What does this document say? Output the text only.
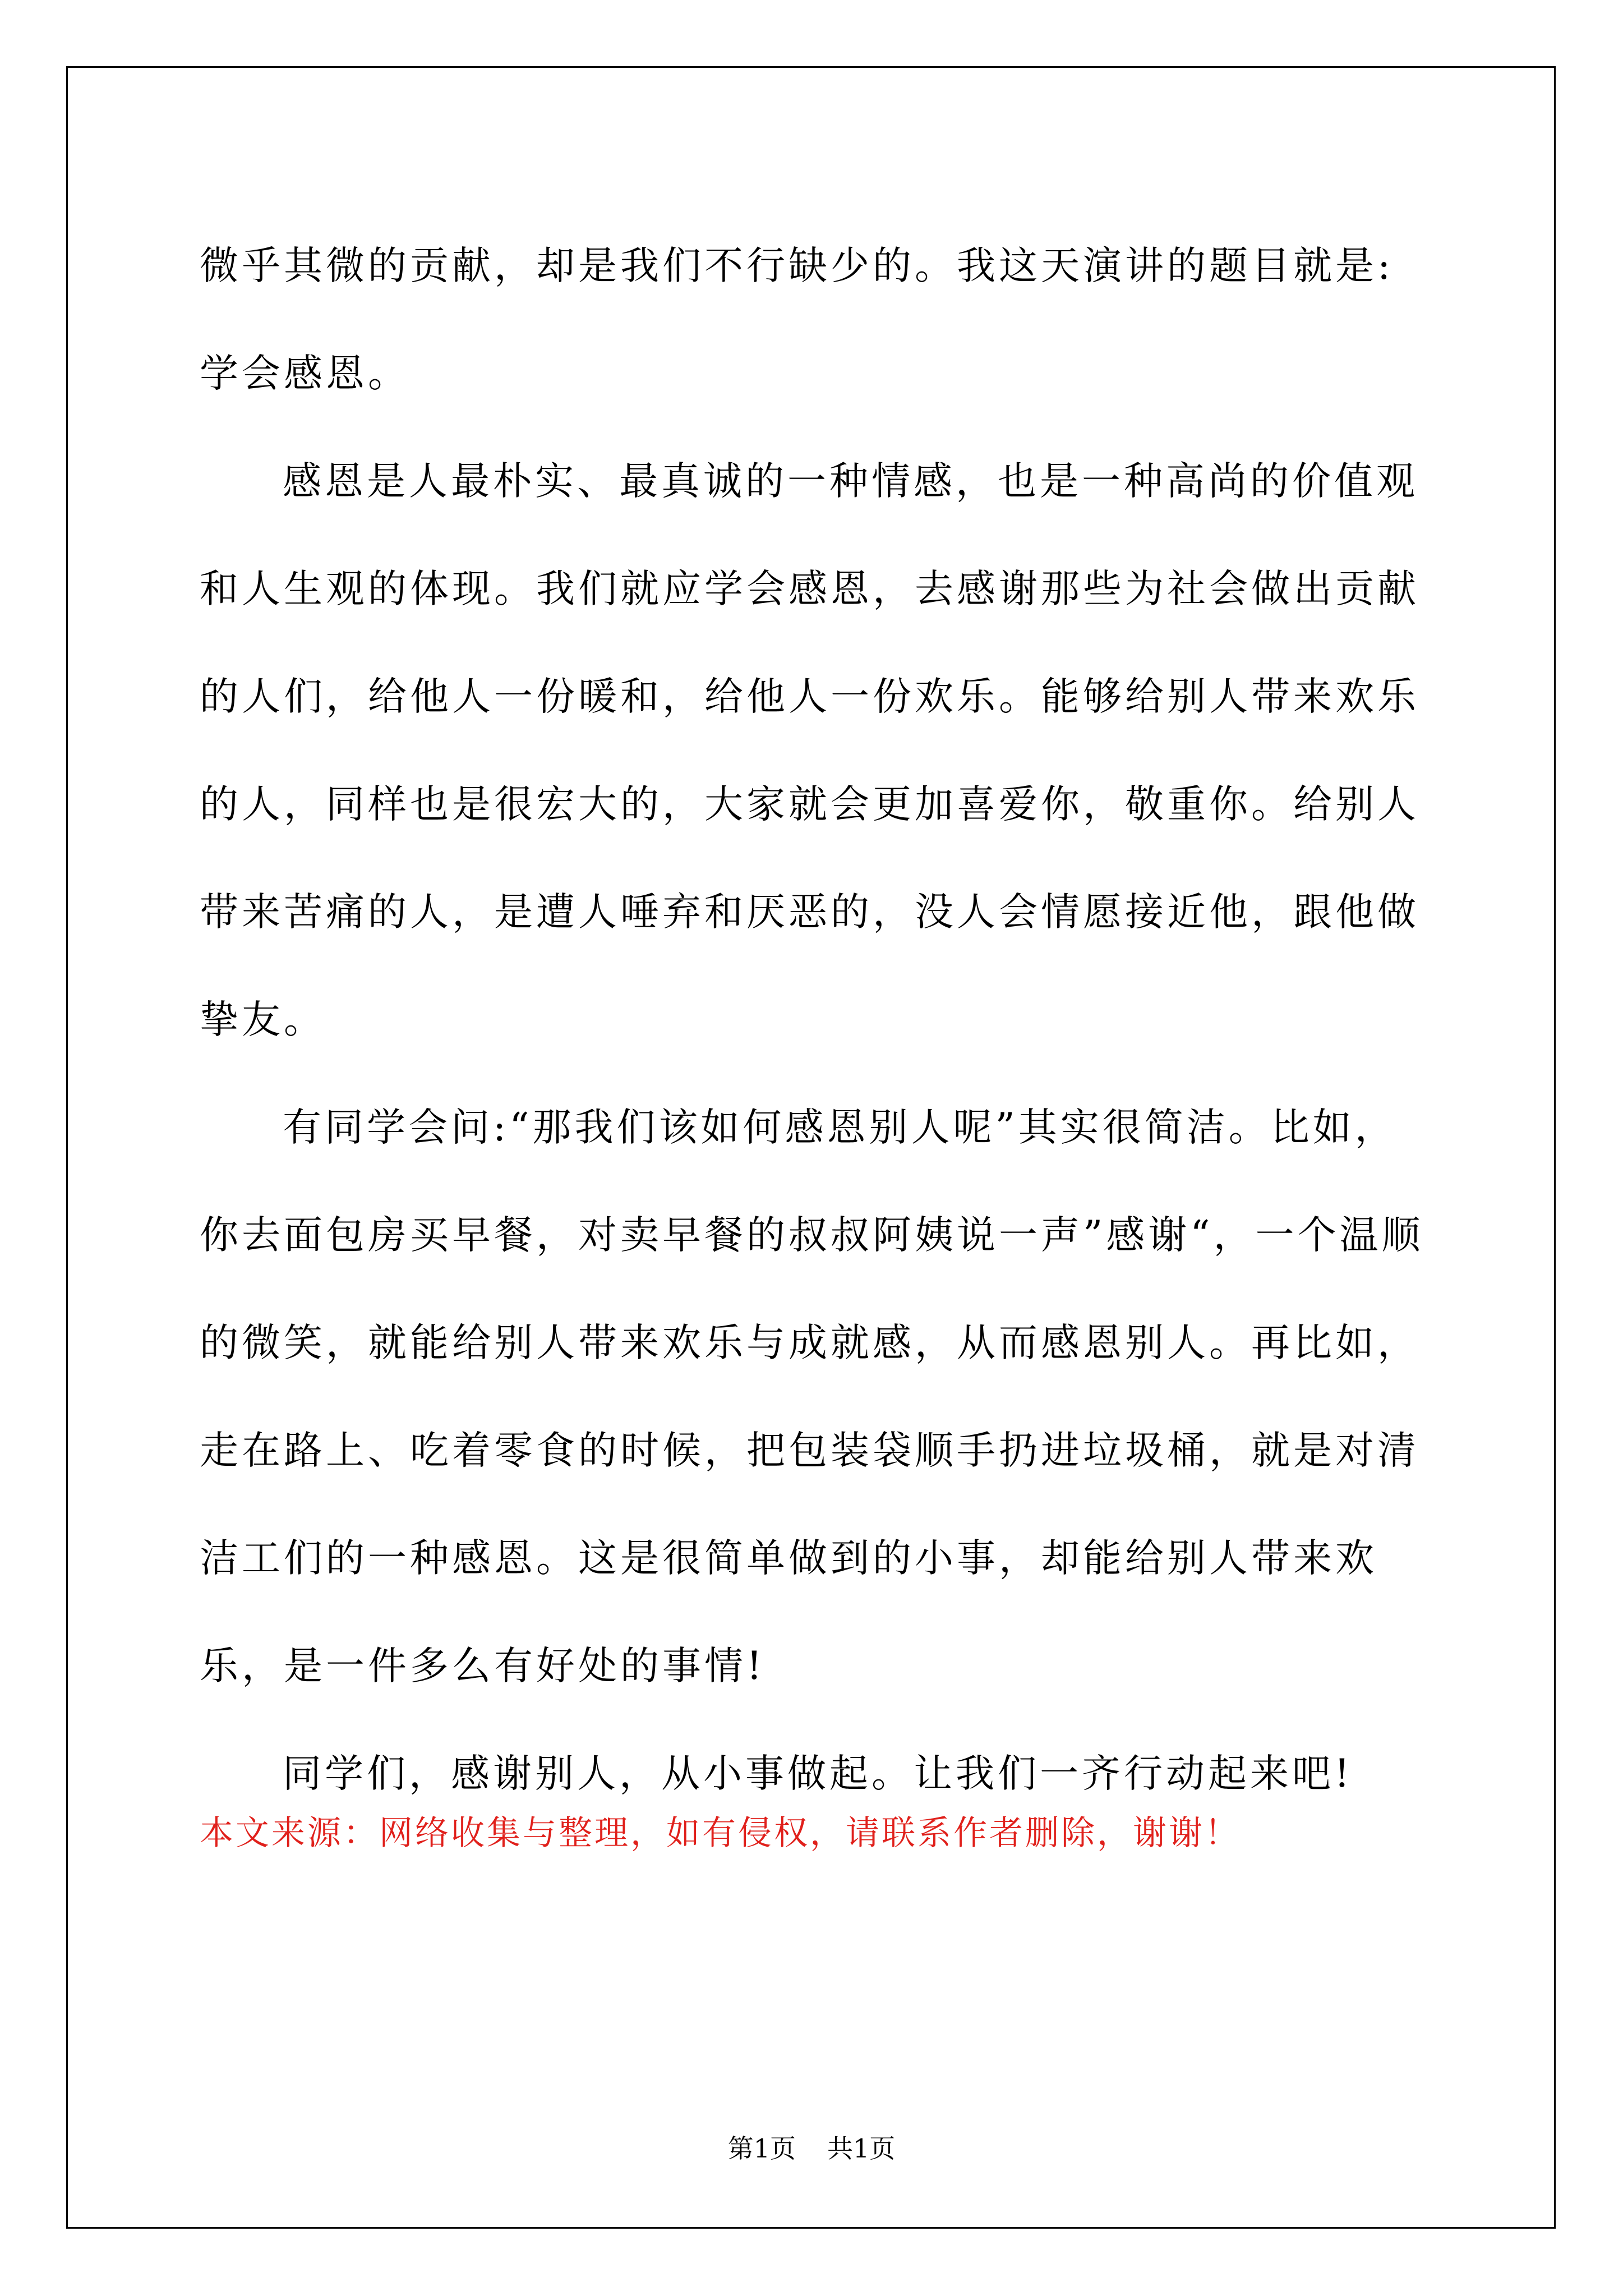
微乎其微的贡献，却是我们不行缺少的。我这天演讲的题目就是:学会感恩。

感恩是人最朴实、最真诚的一种情感，也是一种高尚的价值观和人生观的体现。我们就应学会感恩，去感谢那些为社会做出贡献的人们，给他人一份暖和，给他人一份欢乐。能够给别人带来欢乐的人，同样也是很宏大的，大家就会更加喜爱你，敬重你。给别人带来苦痛的人，是遭人唾弃和厌恶的，没人会情愿接近他，跟他做挚友。

有同学会问:“那我们该如何感恩别人呢”其实很简洁。比如，你去面包房买早餐，对卖早餐的叔叔阿姨说一声”感谢“，一个温顺的微笑，就能给别人带来欢乐与成就感，从而感恩别人。再比如，走在路上、吃着零食的时候，把包装袋顺手扔进垃圾桶，就是对清洁工们的一种感恩。这是很简单做到的小事，却能给别人带来欢乐，是一件多么有好处的事情!

同学们，感谢别人，从小事做起。让我们一齐行动起来吧!

本文来源：网络收集与整理，如有侵权，请联系作者删除，谢谢！
第1页 共1页
